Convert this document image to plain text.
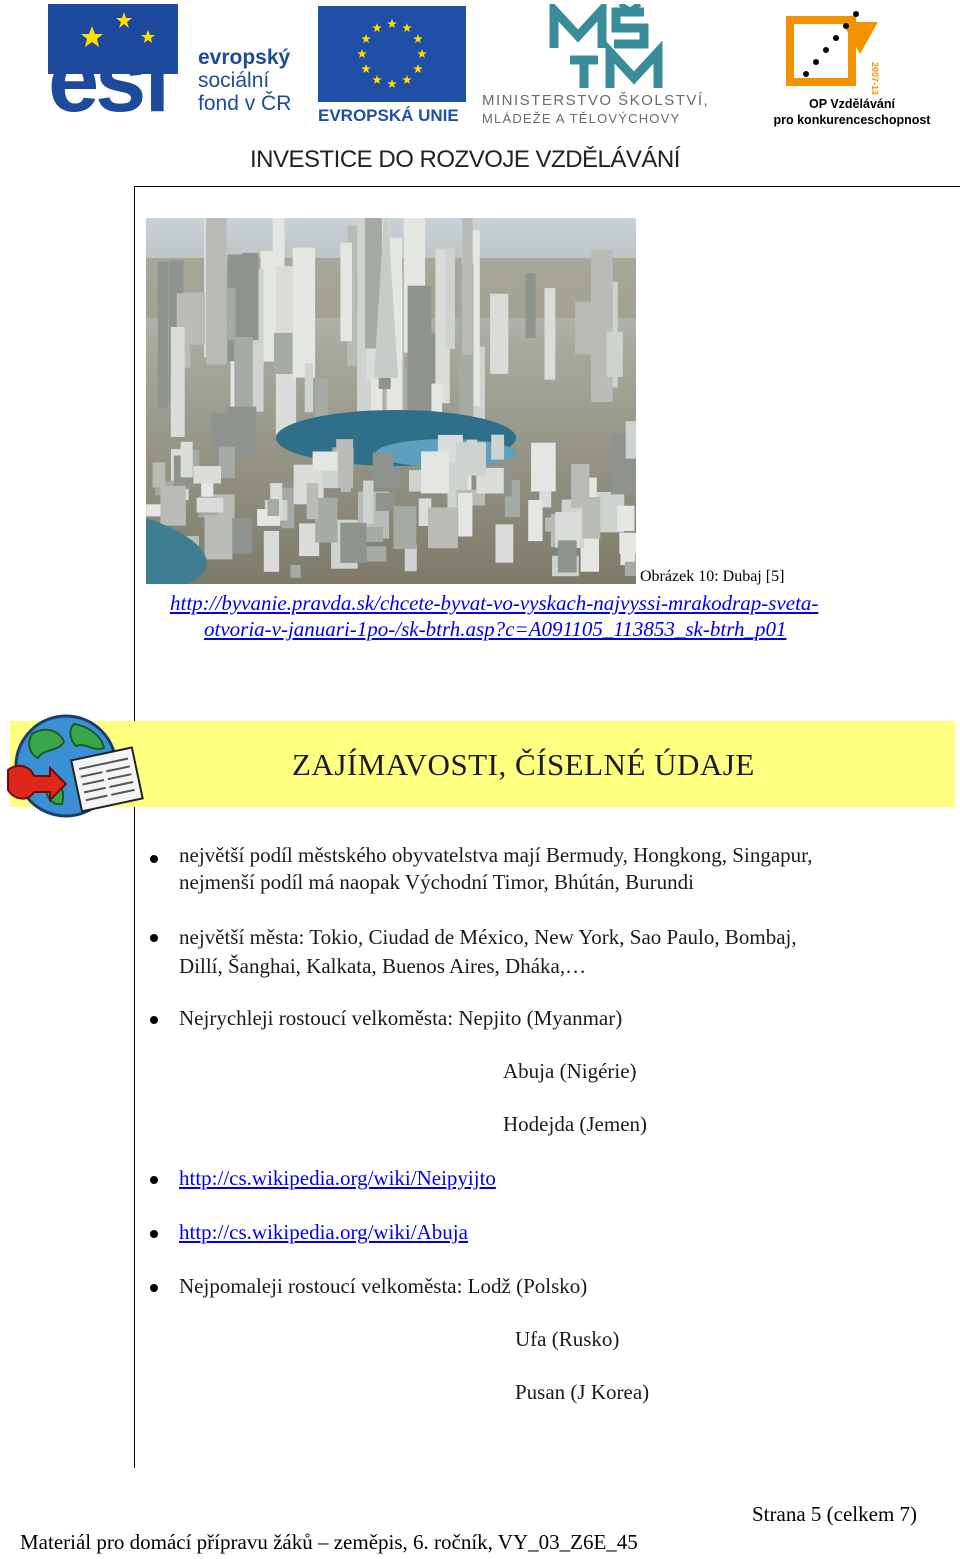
esf evropský
sociální
fond v ČR
EVROPSKÁ UNIE
MINISTERSTVO ŠKOLSTVÍ,
MLÁDEŽE A TĚLOVÝCHOVY
2007-13
OP Vzdělávání
pro konkurenceschopnost
INVESTICE DO ROZVOJE VZDĚLÁVÁNÍ
Obrázek 10: Dubaj [5]
http://byvanie.pravda.sk/chcete-byvat-vo-vyskach-najvyssi-mrakodrap-sveta-
otvoria-v-januari-1po-/sk-btrh.asp?c=A091105_113853_sk-btrh_p01
ZAJÍMAVOSTI, ČÍSELNÉ ÚDAJE
největší podíl městského obyvatelstva mají Bermudy, Hongkong, Singapur,
nejmenší podíl má naopak Východní Timor, Bhútán, Burundi
největší města: Tokio, Ciudad de México, New York, Sao Paulo, Bombaj,
Dillí, Šanghai, Kalkata, Buenos Aires, Dháka,…
Nejrychleji rostoucí velkoměsta: Nepjito (Myanmar)
Abuja (Nigérie)
Hodejda (Jemen)
http://cs.wikipedia.org/wiki/Neipyijto
http://cs.wikipedia.org/wiki/Abuja
Nejpomaleji rostoucí velkoměsta: Lodž (Polsko)
Ufa (Rusko)
Pusan (J Korea)
Strana 5 (celkem 7)
Materiál pro domácí přípravu žáků – zeměpis, 6. ročník, VY_03_Z6E_45
